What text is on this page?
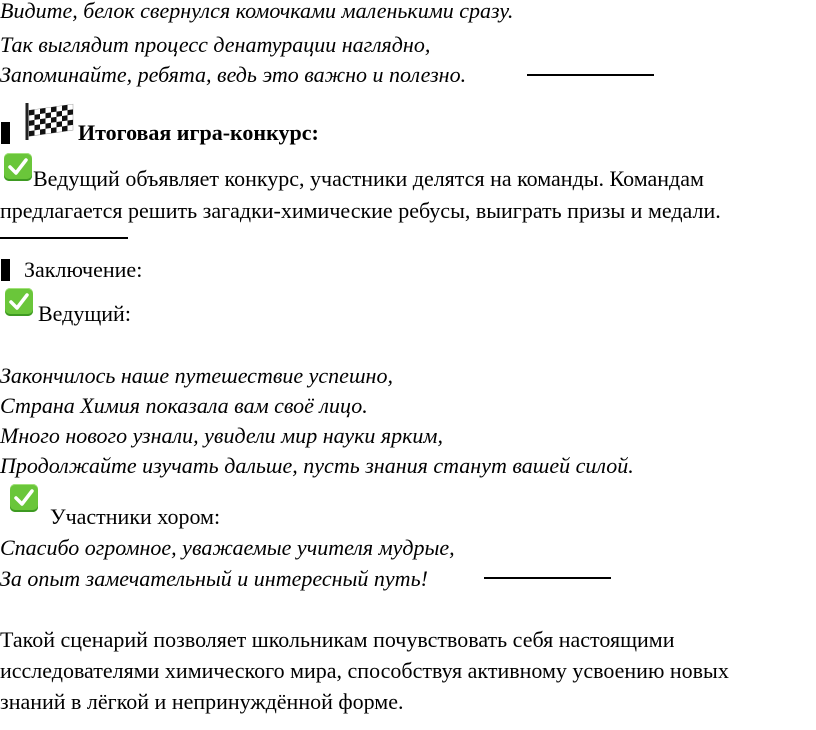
Видите, белок свернулся комочками маленькими сразу.
Так выглядит процесс денатурации наглядно,
Запоминайте, ребята, ведь это важно и полезно.
Итоговая игра-конкурс:
Ведущий объявляет конкурс, участники делятся на команды. Командам
предлагается решить загадки-химические ребусы, выиграть призы и медали.
Заключение:
Ведущий:
Закончилось наше путешествие успешно,
Страна Химия показала вам своё лицо.
Много нового узнали, увидели мир науки ярким,
Продолжайте изучать дальше, пусть знания станут вашей силой.
Участники хором:
Спасибо огромное, уважаемые учителя мудрые,
За опыт замечательный и интересный путь!
Такой сценарий позволяет школьникам почувствовать себя настоящими
исследователями химического мира, способствуя активному усвоению новых
знаний в лёгкой и непринуждённой форме.
